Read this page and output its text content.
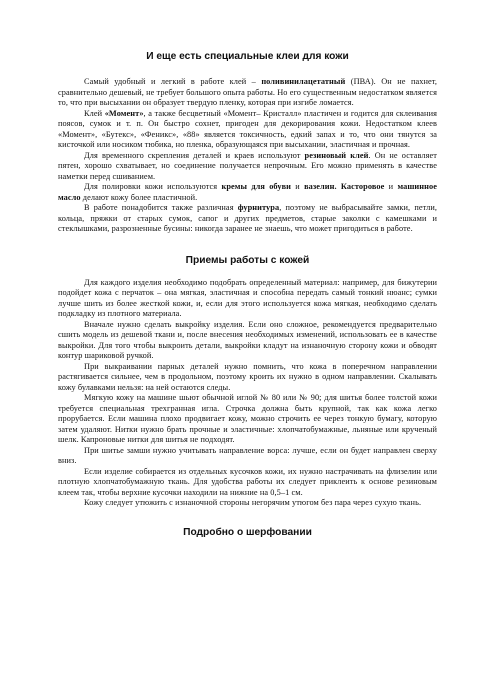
И еще есть специальные клеи для кожи

Самый удобный и легкий в работе клей – поливинилацетатный (ПВА). Он не пахнет, сравнительно дешевый, не требует большого опыта работы. Но его существенным недостатком является то, что при высыхании он образует твердую пленку, которая при изгибе ломается.

Клей «Момент», а также бесцветный «Момент– Кристалл» пластичен и годится для склеивания поясов, сумок и т. п. Он быстро сохнет, пригоден для декорирования кожи. Недостатком клеев «Момент», «Бутекс», «Феникс», «88» является токсичность, едкий запах и то, что они тянутся за кисточкой или носиком тюбика, но пленка, образующаяся при высыхании, эластичная и прочная.

Для временного скрепления деталей и краев используют резиновый клей. Он не оставляет пятен, хорошо схватывает, но соединение получается непрочным. Его можно применять в качестве наметки перед сшиванием.

Для полировки кожи используются кремы для обуви и вазелин. Касторовое и машинное масло делают кожу более пластичной.

В работе понадобится также различная фурнитура, поэтому не выбрасывайте замки, петли, кольца, пряжки от старых сумок, сапог и других предметов, старые заколки с камешками и стеклышками, разрозненные бусины: никогда заранее не знаешь, что может пригодиться в работе.

Приемы работы с кожей

Для каждого изделия необходимо подобрать определенный материал: например, для бижутерии подойдет кожа с перчаток – она мягкая, эластичная и способна передать самый тонкий нюанс; сумки лучше шить из более жесткой кожи, и, если для этого используется кожа мягкая, необходимо сделать подкладку из плотного материала.

Вначале нужно сделать выкройку изделия. Если оно сложное, рекомендуется предварительно сшить модель из дешевой ткани и, после внесения необходимых изменений, использовать ее в качестве выкройки. Для того чтобы выкроить детали, выкройки кладут на изнаночную сторону кожи и обводят контур шариковой ручкой.

При выкраивании парных деталей нужно помнить, что кожа в поперечном направлении растягивается сильнее, чем в продольном, поэтому кроить их нужно в одном направлении. Скалывать кожу булавками нельзя: на ней остаются следы.

Мягкую кожу на машине шьют обычной иглой № 80 или № 90; для шитья более толстой кожи требуется специальная трехгранная игла. Строчка должна быть крупной, так как кожа легко прорубается. Если машина плохо продвигает кожу, можно строчить ее через тонкую бумагу, которую затем удаляют. Нитки нужно брать прочные и эластичные: хлопчатобумажные, льняные или крученый шелк. Капроновые нитки для шитья не подходят.

При шитье замши нужно учитывать направление ворса: лучше, если он будет направлен сверху вниз.

Если изделие собирается из отдельных кусочков кожи, их нужно настрачивать на флизелин или плотную хлопчатобумажную ткань. Для удобства работы их следует приклеить к основе резиновым клеем так, чтобы верхние кусочки находили на нижние на 0,5–1 см.

Кожу следует утюжить с изнаночной стороны негорячим утюгом без пара через сухую ткань.

Подробно о шерфовании
